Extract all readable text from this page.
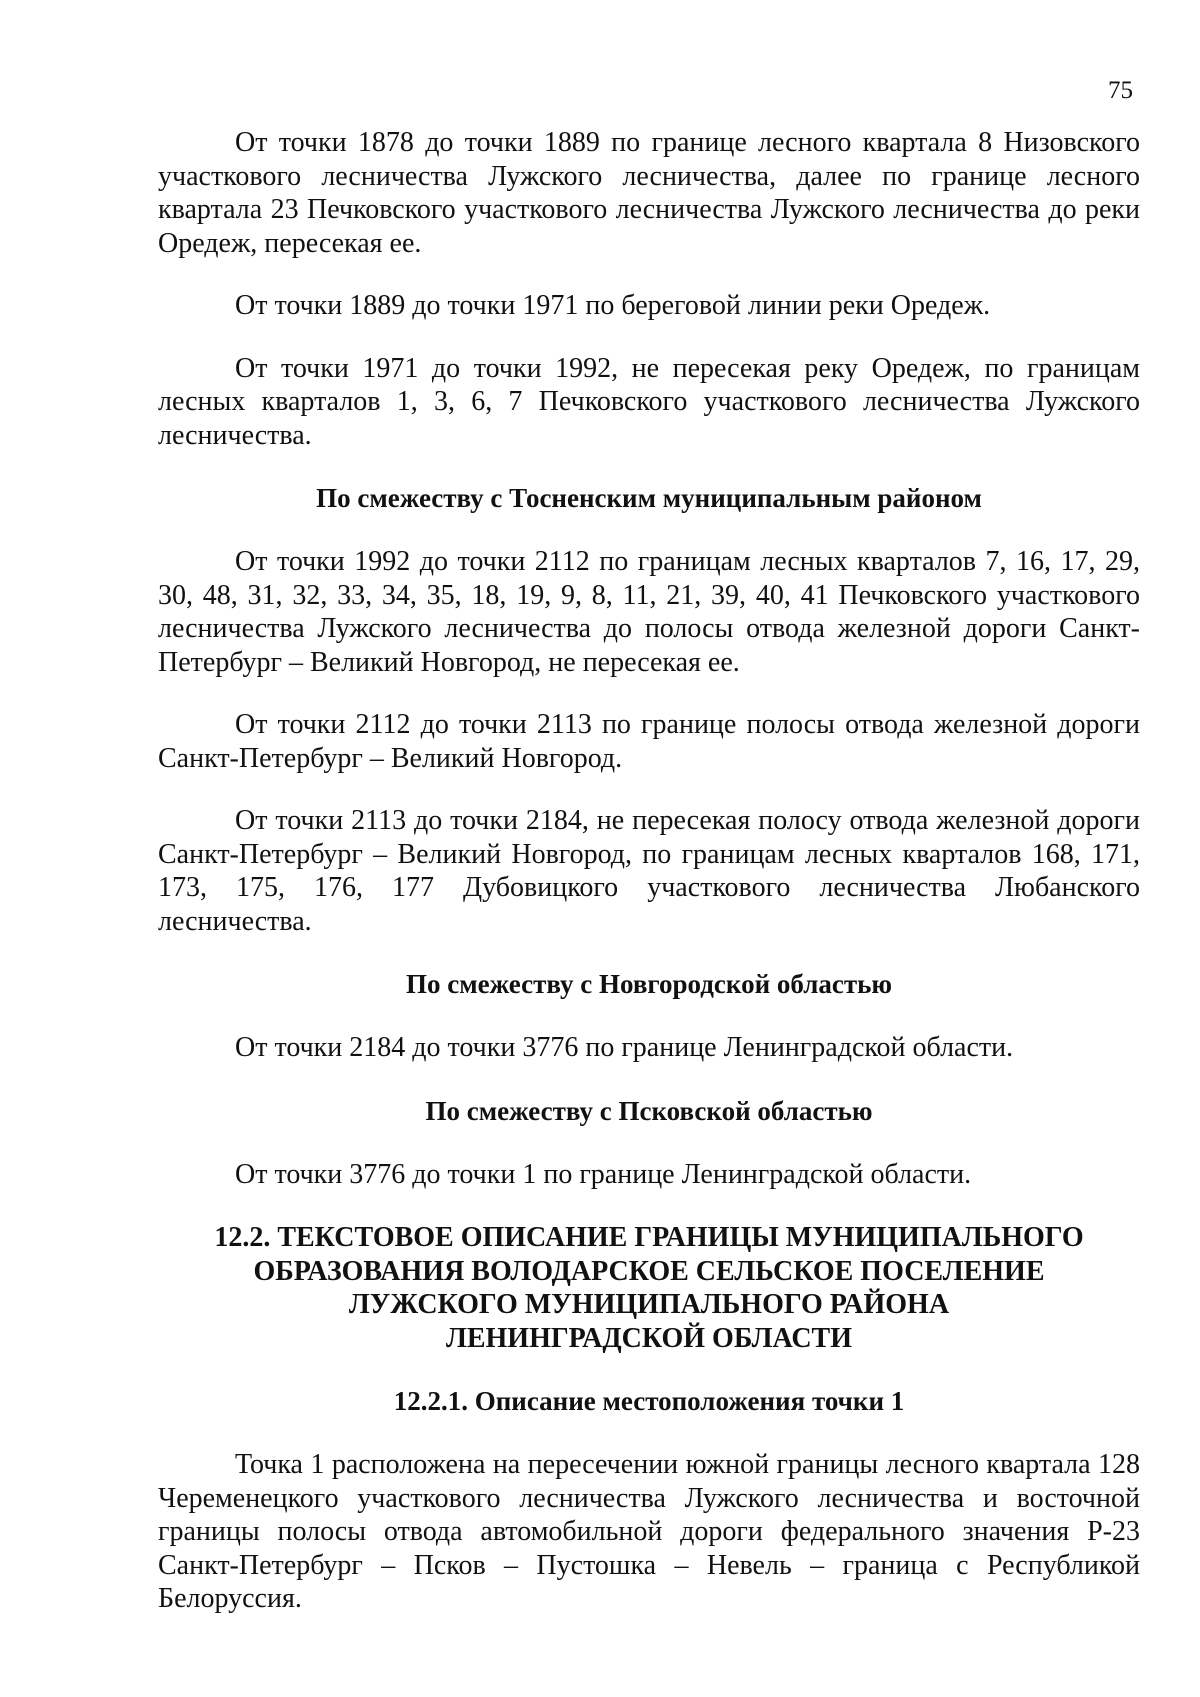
75

От точки 1878 до точки 1889 по границе лесного квартала 8 Низовского участкового лесничества Лужского лесничества, далее по границе лесного квартала 23 Печковского участкового лесничества Лужского лесничества до реки Оредеж, пересекая ее.

От точки 1889 до точки 1971 по береговой линии реки Оредеж.

От точки 1971 до точки 1992, не пересекая реку Оредеж, по границам лесных кварталов 1, 3, 6, 7 Печковского участкового лесничества Лужского лесничества.

По смежеству с Тосненским муниципальным районом

От точки 1992 до точки 2112 по границам лесных кварталов 7, 16, 17, 29, 30, 48, 31, 32, 33, 34, 35, 18, 19, 9, 8, 11, 21, 39, 40, 41 Печковского участкового лесничества Лужского лесничества до полосы отвода железной дороги Санкт-Петербург – Великий Новгород, не пересекая ее.

От точки 2112 до точки 2113 по границе полосы отвода железной дороги Санкт-Петербург – Великий Новгород.

От точки 2113 до точки 2184, не пересекая полосу отвода железной дороги Санкт-Петербург – Великий Новгород, по границам лесных кварталов 168, 171, 173, 175, 176, 177 Дубовицкого участкового лесничества Любанского лесничества.

По смежеству с Новгородской областью

От точки 2184 до точки 3776 по границе Ленинградской области.

По смежеству с Псковской областью

От точки 3776 до точки 1 по границе Ленинградской области.

12.2. ТЕКСТОВОЕ ОПИСАНИЕ ГРАНИЦЫ МУНИЦИПАЛЬНОГО
ОБРАЗОВАНИЯ ВОЛОДАРСКОЕ СЕЛЬСКОЕ ПОСЕЛЕНИЕ
ЛУЖСКОГО МУНИЦИПАЛЬНОГО РАЙОНА
ЛЕНИНГРАДСКОЙ ОБЛАСТИ
12.2.1. Описание местоположения точки 1

Точка 1 расположена на пересечении южной границы лесного квартала 128 Череменецкого участкового лесничества Лужского лесничества и восточной границы полосы отвода автомобильной дороги федерального значения Р-23 Санкт-Петербург – Псков – Пустошка – Невель – граница с Республикой Белоруссия.
